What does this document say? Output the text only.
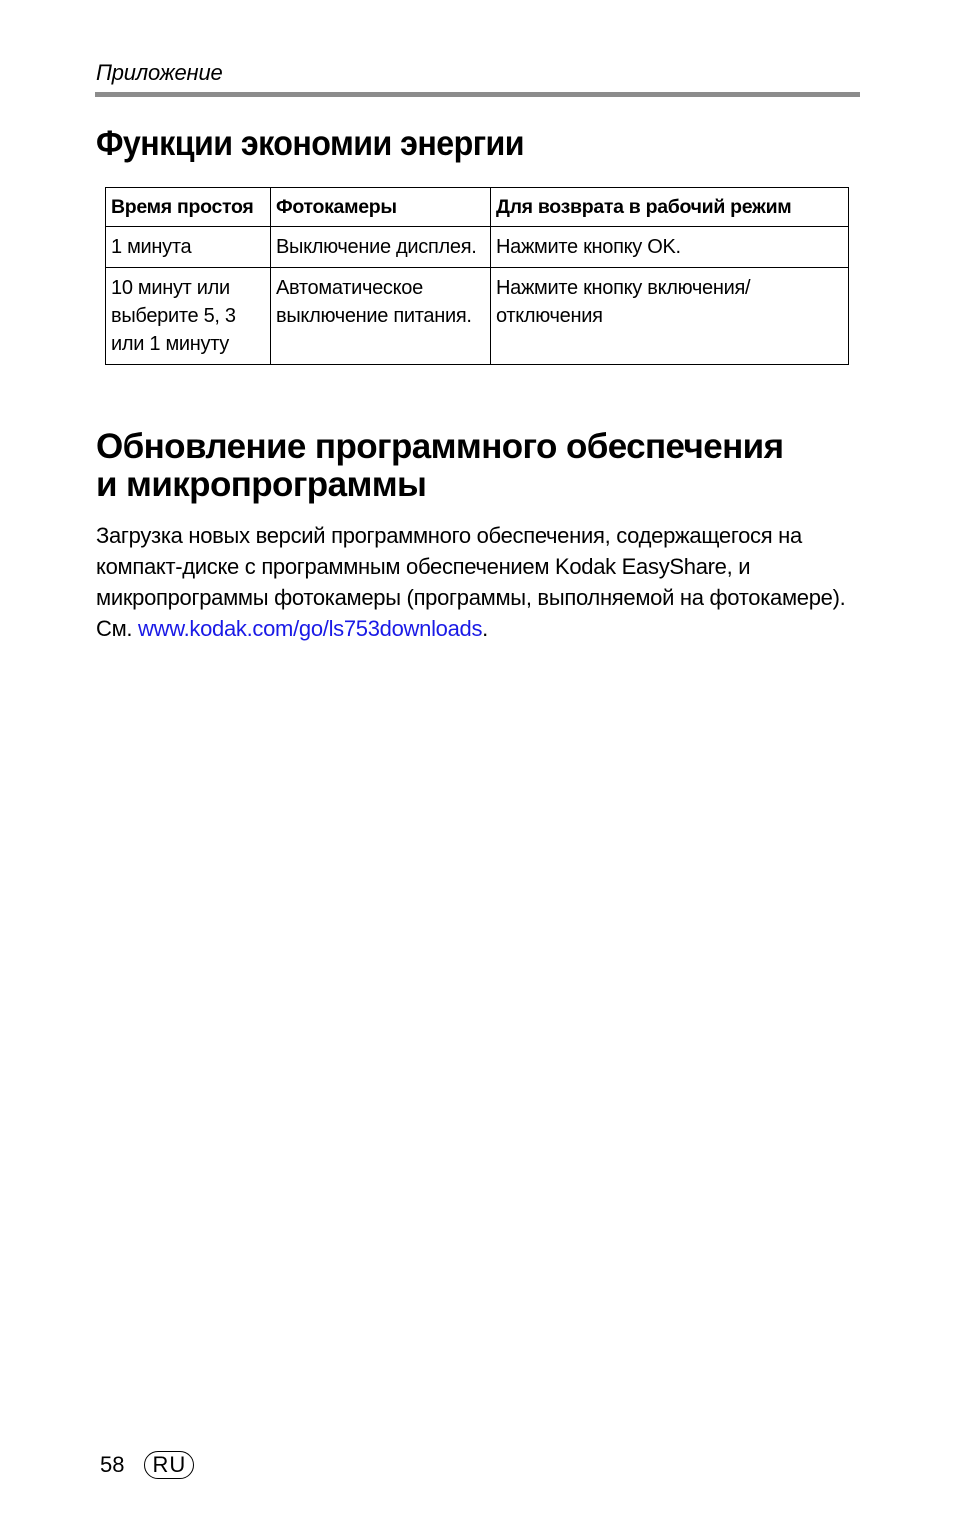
Приложение
Функции экономии энергии
Время простоя	Фотокамеры	Для возврата в рабочий режим
1 минута	Выключение дисплея.	Нажмите кнопку OK.
10 минут или выберите 5, 3 или 1 минуту	Автоматическое выключение питания.	Нажмите кнопку включения/отключения
Обновление программного обеспечения
и микропрограммы

Загрузка новых версий программного обеспечения, содержащегося на компакт-диске с программным обеспечением Kodak EasyShare, и микропрограммы фотокамеры (программы, выполняемой на фотокамере). См. www.kodak.com/go/ls753downloads.

58	RU
